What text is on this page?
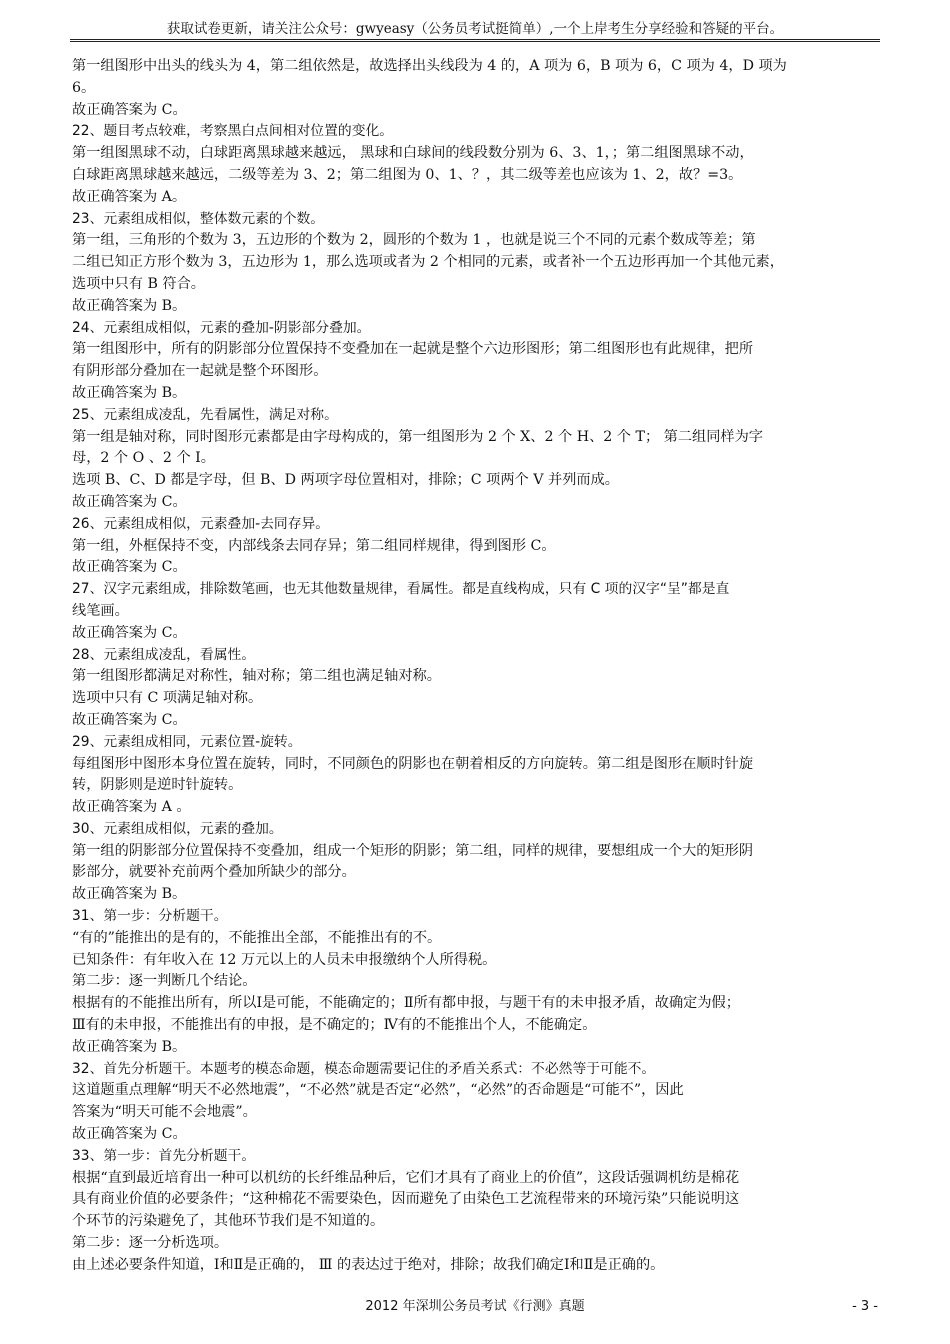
获取试卷更新，请关注公众号：gwyeasy（公务员考试挺简单）,一个上岸考生分享经验和答疑的平台。
第一组图形中出头的线头为 4，第二组依然是，故选择出头线段为 4 的，A 项为 6，B 项为 6，C 项为 4，D 项为
6。
故正确答案为 C。
22、题目考点较难，考察黑白点间相对位置的变化。
第一组图黑球不动，白球距离黑球越来越远， 黑球和白球间的线段数分别为 6、3、1，；第二组图黑球不动，
白球距离黑球越来越远，二级等差为 3、2；第二组图为 0、1、？，其二级等差也应该为 1、2，故？=3。
故正确答案为 A。
23、元素组成相似，整体数元素的个数。
第一组，三角形的个数为 3，五边形的个数为 2，圆形的个数为 1 ，也就是说三个不同的元素个数成等差；第
二组已知正方形个数为 3，五边形为 1，那么选项或者为 2 个相同的元素，或者补一个五边形再加一个其他元素，
选项中只有 B 符合。
故正确答案为 B。
24、元素组成相似，元素的叠加-阴影部分叠加。
第一组图形中，所有的阴影部分位置保持不变叠加在一起就是整个六边形图形；第二组图形也有此规律，把所
有阴形部分叠加在一起就是整个环图形。
故正确答案为 B。
25、元素组成凌乱，先看属性，满足对称。
第一组是轴对称，同时图形元素都是由字母构成的，第一组图形为 2 个 X、2 个 H、2 个 T； 第二组同样为字
母，2 个 O 、2 个 I。
选项 B、C、D 都是字母，但 B、D 两项字母位置相对，排除；C 项两个 V 并列而成。
故正确答案为 C。
26、元素组成相似，元素叠加-去同存异。
第一组，外框保持不变，内部线条去同存异；第二组同样规律，得到图形 C。
故正确答案为 C。
27、汉字元素组成，排除数笔画，也无其他数量规律，看属性。都是直线构成，只有 C 项的汉字“呈”都是直
线笔画。
故正确答案为 C。
28、元素组成凌乱，看属性。
第一组图形都满足对称性，轴对称；第二组也满足轴对称。
选项中只有 C 项满足轴对称。
故正确答案为 C。
29、元素组成相同，元素位置-旋转。
每组图形中图形本身位置在旋转，同时，不同颜色的阴影也在朝着相反的方向旋转。第二组是图形在顺时针旋
转，阴影则是逆时针旋转。
故正确答案为 A 。
30、元素组成相似，元素的叠加。
第一组的阴影部分位置保持不变叠加，组成一个矩形的阴影；第二组，同样的规律，要想组成一个大的矩形阴
影部分，就要补充前两个叠加所缺少的部分。
故正确答案为 B。
31、第一步：分析题干。
“有的”能推出的是有的，不能推出全部，不能推出有的不。
已知条件：有年收入在 12 万元以上的人员未申报缴纳个人所得税。
第二步：逐一判断几个结论。
根据有的不能推出所有，所以Ⅰ是可能，不能确定的；Ⅱ所有都申报，与题干有的未申报矛盾，故确定为假；
Ⅲ有的未申报，不能推出有的申报，是不确定的；Ⅳ有的不能推出个人，不能确定。
故正确答案为 B。
32、首先分析题干。本题考的模态命题，模态命题需要记住的矛盾关系式：不必然等于可能不。
这道题重点理解“明天不必然地震”，“不必然”就是否定“必然”，“必然”的否命题是“可能不”，因此
答案为“明天可能不会地震”。
故正确答案为 C。
33、第一步：首先分析题干。
根据“直到最近培育出一种可以机纺的长纤维品种后，它们才具有了商业上的价值”，这段话强调机纺是棉花
具有商业价值的必要条件；“这种棉花不需要染色，因而避免了由染色工艺流程带来的环境污染”只能说明这
个环节的污染避免了，其他环节我们是不知道的。
第二步：逐一分析选项。
由上述必要条件知道，Ⅰ和Ⅱ是正确的， Ⅲ 的表达过于绝对，排除；故我们确定Ⅰ和Ⅱ是正确的。
2012 年深圳公务员考试《行测》真题	- 3 -
